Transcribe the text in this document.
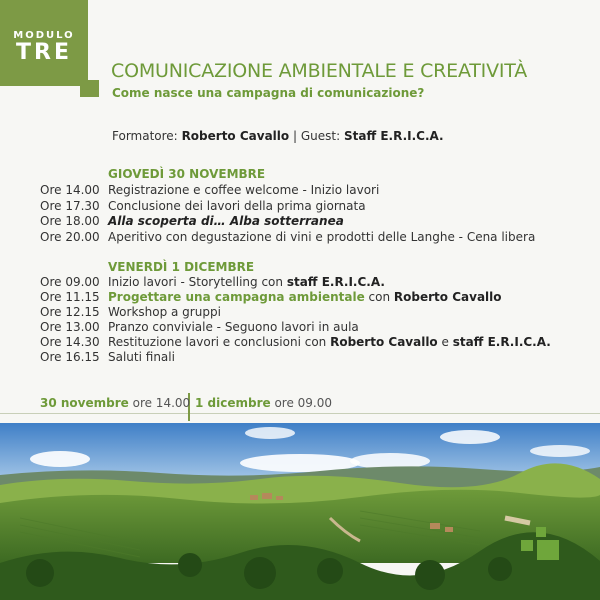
MODULO
TRE
COMUNICAZIONE AMBIENTALE E CREATIVITÀ
Come nasce una campagna di comunicazione?
Formatore: Roberto Cavallo | Guest: Staff E.R.I.C.A.
GIOVEDÌ 30 NOVEMBRE
Ore 14.00 Registrazione e coffee welcome - Inizio lavori
Ore 17.30 Conclusione dei lavori della prima giornata
Ore 18.00 Alla scoperta di… Alba sotterranea
Ore 20.00 Aperitivo con degustazione di vini e prodotti delle Langhe - Cena libera
VENERDÌ 1 DICEMBRE
Ore 09.00 Inizio lavori - Storytelling con staff E.R.I.C.A.
Ore 11.15 Progettare una campagna ambientale con Roberto Cavallo
Ore 12.15 Workshop a gruppi
Ore 13.00 Pranzo conviviale - Seguono lavori in aula
Ore 14.30 Restituzione lavori e conclusioni con Roberto Cavallo e staff E.R.I.C.A.
Ore 16.15 Saluti finali
30 novembre ore 14.00 1 dicembre ore 09.00
